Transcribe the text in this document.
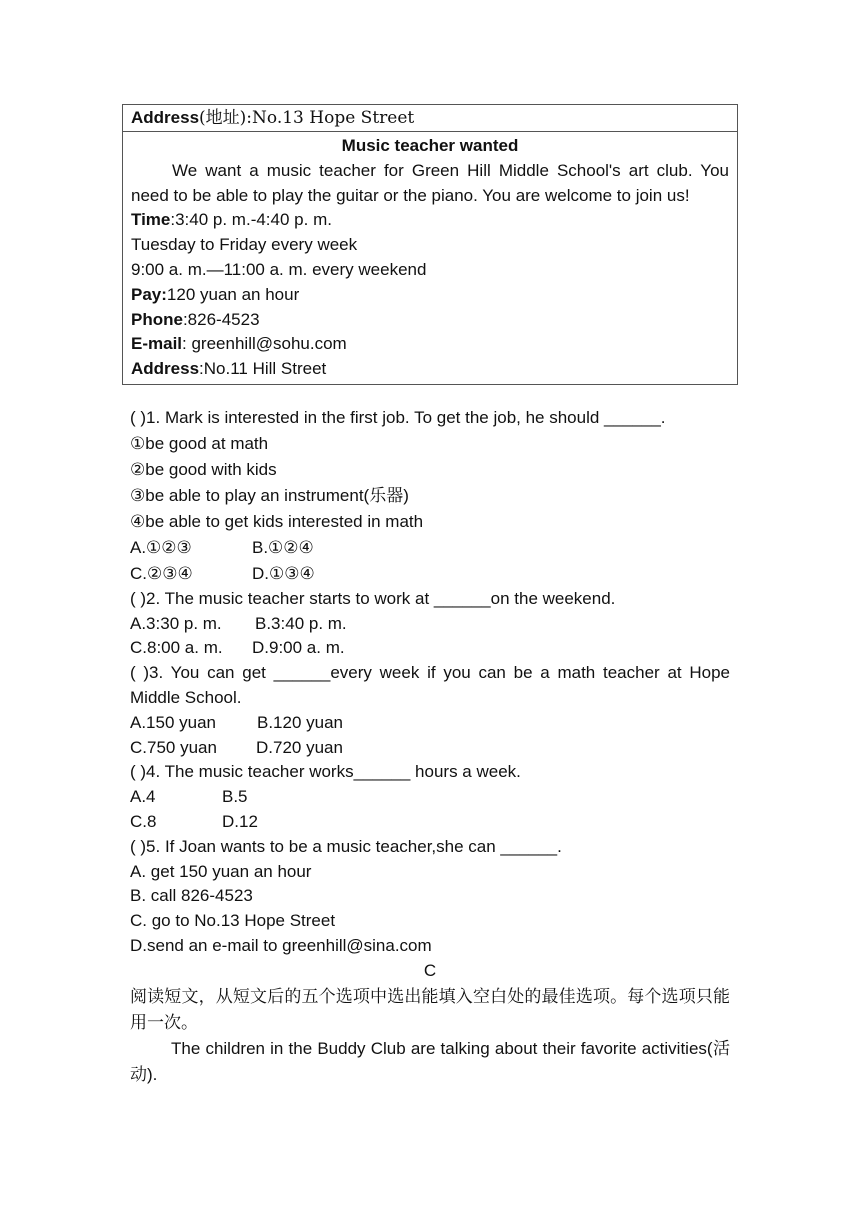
Address(地址):No.13 Hope Street

Music teacher wanted
We want a music teacher for Green Hill Middle School's art club. You need to be able to play the guitar or the piano. You are welcome to join us!
Time:3:40 p. m.-4:40 p. m.
Tuesday to Friday every week
9:00 a. m.—11:00 a. m. every weekend
Pay:120 yuan an hour
Phone:826-4523
E-mail: greenhill@sohu.com
Address:No.11 Hill Street
( )1. Mark is interested in the first job. To get the job, he should ______.
①be good at math
②be good with kids
③be able to play an instrument(乐器)
④be able to get kids interested in math
A.①②③	B.①②④
C.②③④	D.①③④
( )2. The music teacher starts to work at ______on the weekend.
A.3:30 p. m. B.3:40 p. m.
C.8:00 a. m. D.9:00 a. m.
( )3. You can get ______every week if you can be a math teacher at Hope Middle School.
A.150 yuan B.120 yuan
C.750 yuan D.720 yuan
( )4. The music teacher works______ hours a week.
A.4	B.5
C.8	D.12
( )5. If Joan wants to be a music teacher,she can ______.
A. get 150 yuan an hour
B. call 826-4523
C. go to No.13 Hope Street
D.send an e-mail to greenhill@sina.com
C
阅读短文，从短文后的五个选项中选出能填入空白处的最佳选项。每个选项只能用一次。
The children in the Buddy Club are talking about their favorite activities(活动).
